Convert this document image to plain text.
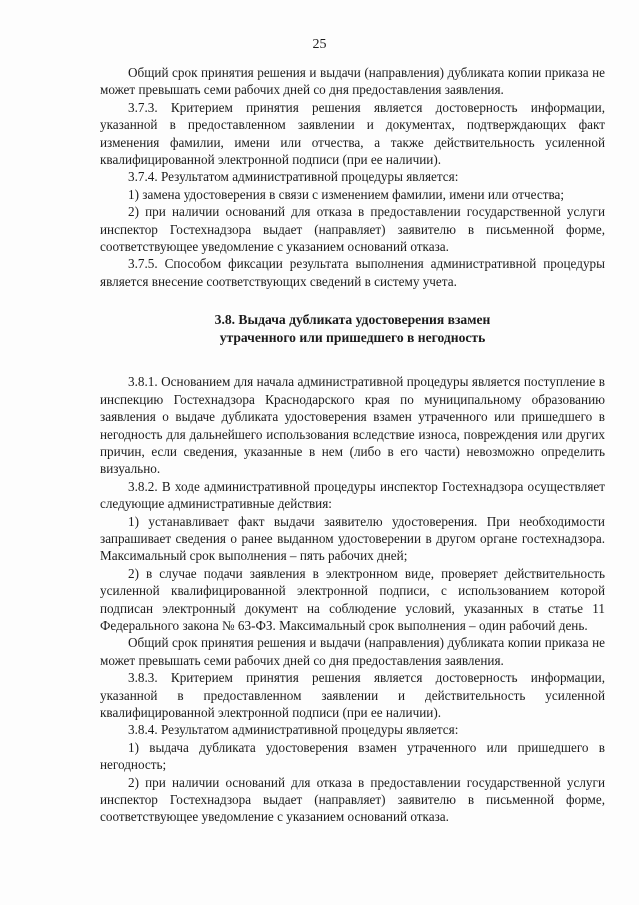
25

Общий срок принятия решения и выдачи (направления) дубликата копии приказа не может превышать семи рабочих дней со дня предоставления заявления.

3.7.3. Критерием принятия решения является достоверность информации, указанной в предоставленном заявлении и документах, подтверждающих факт изменения фамилии, имени или отчества, а также действительность усиленной квалифицированной электронной подписи (при ее наличии).

3.7.4. Результатом административной процедуры является:

1) замена удостоверения в связи с изменением фамилии, имени или отчества;

2) при наличии оснований для отказа в предоставлении государственной услуги инспектор Гостехнадзора выдает (направляет) заявителю в письменной форме, соответствующее уведомление с указанием оснований отказа.

3.7.5. Способом фиксации результата выполнения административной процедуры является внесение соответствующих сведений в систему учета.

3.8. Выдача дубликата удостоверения взамен
утраченного или пришедшего в негодность

3.8.1. Основанием для начала административной процедуры является поступление в инспекцию Гостехнадзора Краснодарского края по муниципальному образованию заявления о выдаче дубликата удостоверения взамен утраченного или пришедшего в негодность для дальнейшего использования вследствие износа, повреждения или других причин, если сведения, указанные в нем (либо в его части) невозможно определить визуально.

3.8.2. В ходе административной процедуры инспектор Гостехнадзора осуществляет следующие административные действия:

1) устанавливает факт выдачи заявителю удостоверения. При необходимости запрашивает сведения о ранее выданном удостоверении в другом органе гостехнадзора. Максимальный срок выполнения – пять рабочих дней;

2) в случае подачи заявления в электронном виде, проверяет действительность усиленной квалифицированной электронной подписи, с использованием которой подписан электронный документ на соблюдение условий, указанных в статье 11 Федерального закона № 63-ФЗ. Максимальный срок выполнения – один рабочий день.

Общий срок принятия решения и выдачи (направления) дубликата копии приказа не может превышать семи рабочих дней со дня предоставления заявления.

3.8.3. Критерием принятия решения является достоверность информации, указанной в предоставленном заявлении и действительность усиленной квалифицированной электронной подписи (при ее наличии).

3.8.4. Результатом административной процедуры является:

1) выдача дубликата удостоверения взамен утраченного или пришедшего в негодность;

2) при наличии оснований для отказа в предоставлении государственной услуги инспектор Гостехнадзора выдает (направляет) заявителю в письменной форме, соответствующее уведомление с указанием оснований отказа.
